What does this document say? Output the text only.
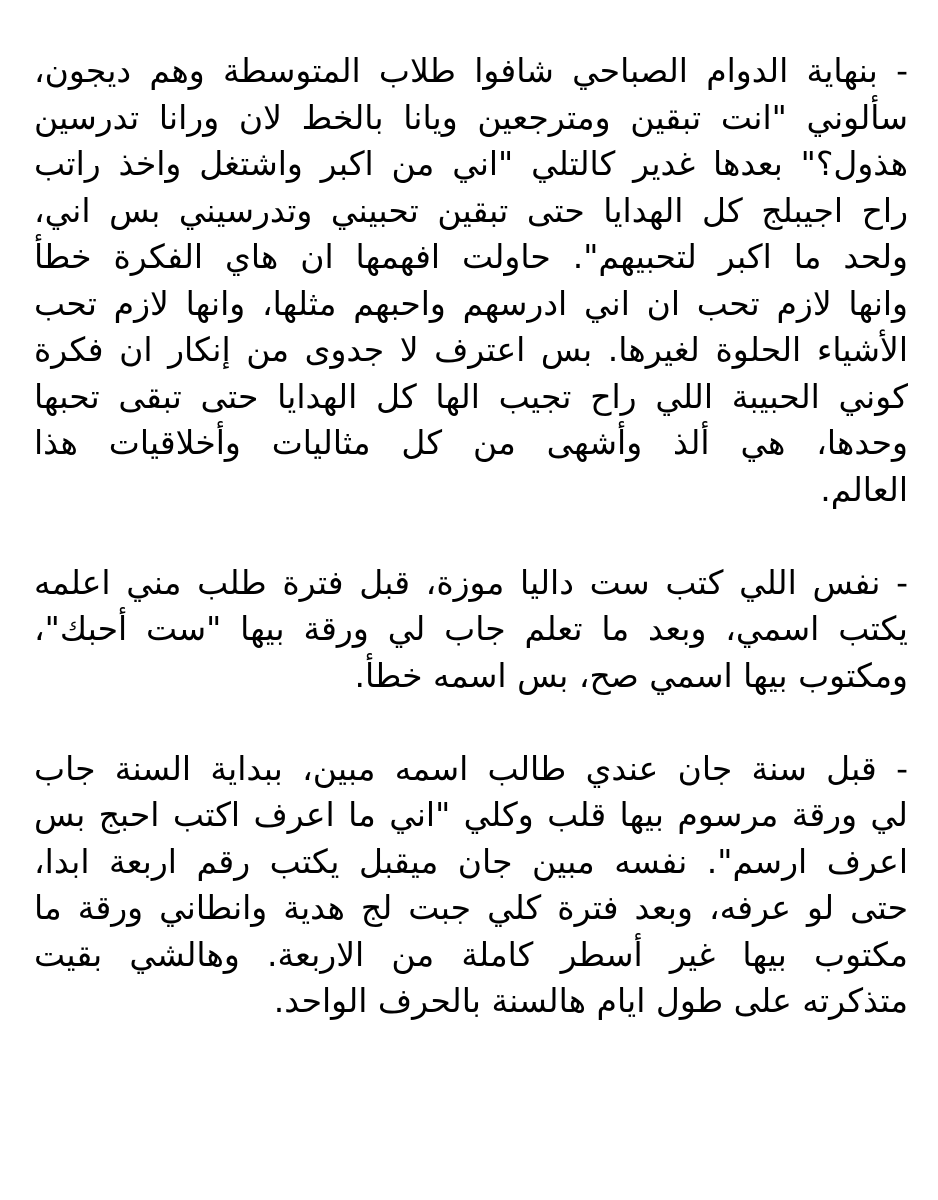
- بنهاية الدوام الصباحي شافوا طلاب المتوسطة وهم ديجون،
سألوني "انت تبقين ومترجعين ويانا بالخط لان ورانا تدرسين
هذول؟" بعدها غدير كالتلي "اني من اكبر واشتغل واخذ راتب
راح اجيبلج كل الهدايا حتى تبقين تحبيني وتدرسيني بس اني،
ولحد ما اكبر لتحبيهم". حاولت افهمها ان هاي الفكرة خطأ
وانها لازم تحب ان اني ادرسهم واحبهم مثلها، وانها لازم تحب
الأشياء الحلوة لغيرها. بس اعترف لا جدوى من إنكار ان فكرة
كوني الحبيبة اللي راح تجيب الها كل الهدايا حتى تبقى تحبها
وحدها، هي ألذ وأشهى من كل مثاليات وأخلاقيات هذا
العالم.
- نفس اللي كتب ست داليا موزة، قبل فترة طلب مني اعلمه
يكتب اسمي، وبعد ما تعلم جاب لي ورقة بيها "ست أحبك"،
ومكتوب بيها اسمي صح، بس اسمه خطأ.
- قبل سنة جان عندي طالب اسمه مبين، ببداية السنة جاب
لي ورقة مرسوم بيها قلب وكلي "اني ما اعرف اكتب احبج بس
اعرف ارسم". نفسه مبين جان ميقبل يكتب رقم اربعة ابدا،
حتى لو عرفه، وبعد فترة كلي جبت لج هدية وانطاني ورقة ما
مكتوب بيها غير أسطر كاملة من الاربعة. وهالشي بقيت
متذكرته على طول ايام هالسنة بالحرف الواحد.
